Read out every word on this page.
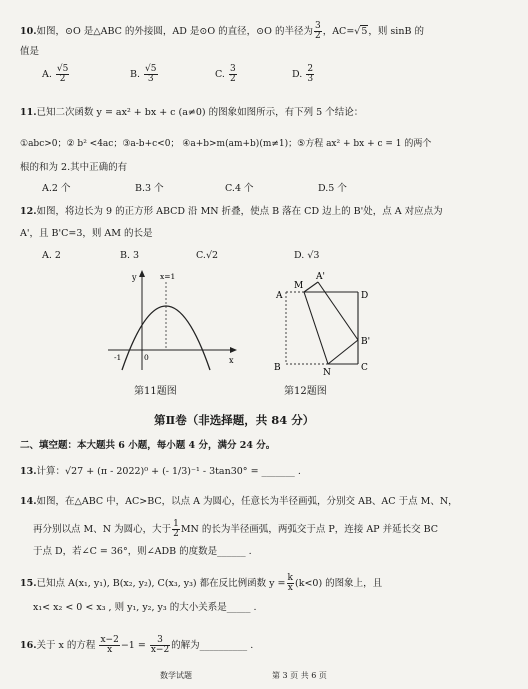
10.如图，⊙O 是△ABC 的外接圆，AD 是⊙O 的直径，⊙O 的半径为 $\frac{3}{2}$ ，AC=√5，则 sinB 的
值是
A. $\frac{√5}{2}$	B. $\frac{√5}{3}$	C. $\frac{3}{2}$	D. $\frac{2}{3}$
11.已知二次函数 y = ax² + bx + c (a≠0) 的图象如图所示，有下列 5 个结论：
①abc>0；② b² <4ac；③a-b+c<0； ④a+b>m(am+b)(m≠1)；⑤方程 ax² + bx + c = 1 的两个
根的和为 2.其中正确的有
A.2 个	B.3 个	C.4 个	D.5 个
12.如图，将边长为 9 的正方形 ABCD 沿 MN 折叠，使点 B 落在 CD 边上的 B'处，点 A 对应点为
A'，且 B'C=3，则 AM 的长是
A. 2	B. 3	C.√2	D. √3
y
x
x=1
-1	0
第11题图
A
M
A'
D
B'
B	N	C
第12题图
第Ⅱ卷（非选择题，共 84 分）
二、填空题：本大题共 6 小题，每小题 4 分，满分 24 分。
13.计算：√27 + (π - 2022)⁰ + (- 1/3)⁻¹ - 3tan30° = _______ .
14.如图，在△ABC 中，AC>BC，以点 A 为圆心，任意长为半径画弧，分别交 AB、AC 于点 M、N，
再分别以点 M、N 为圆心，大于 $\frac{1}{2}$ MN 的长为半径画弧，两弧交于点 P，连接 AP 并延长交 BC
于点 D，若∠C = 36°，则∠ADB 的度数是______ .
15.已知点 A(x₁, y₁), B(x₂, y₂), C(x₃, y₃) 都在反比例函数 $y = \frac{k}{x} (k<0)$ 的图象上，且
x₁< x₂ < 0 < x₃ , 则 y₁, y₂, y₃ 的大小关系是_____ .
16.关于 x 的方程 $\frac{x-2}{x} -1 = \frac{3}{x-2}$ 的解为__________ .
数学试题	第 3 页 共 6 页
